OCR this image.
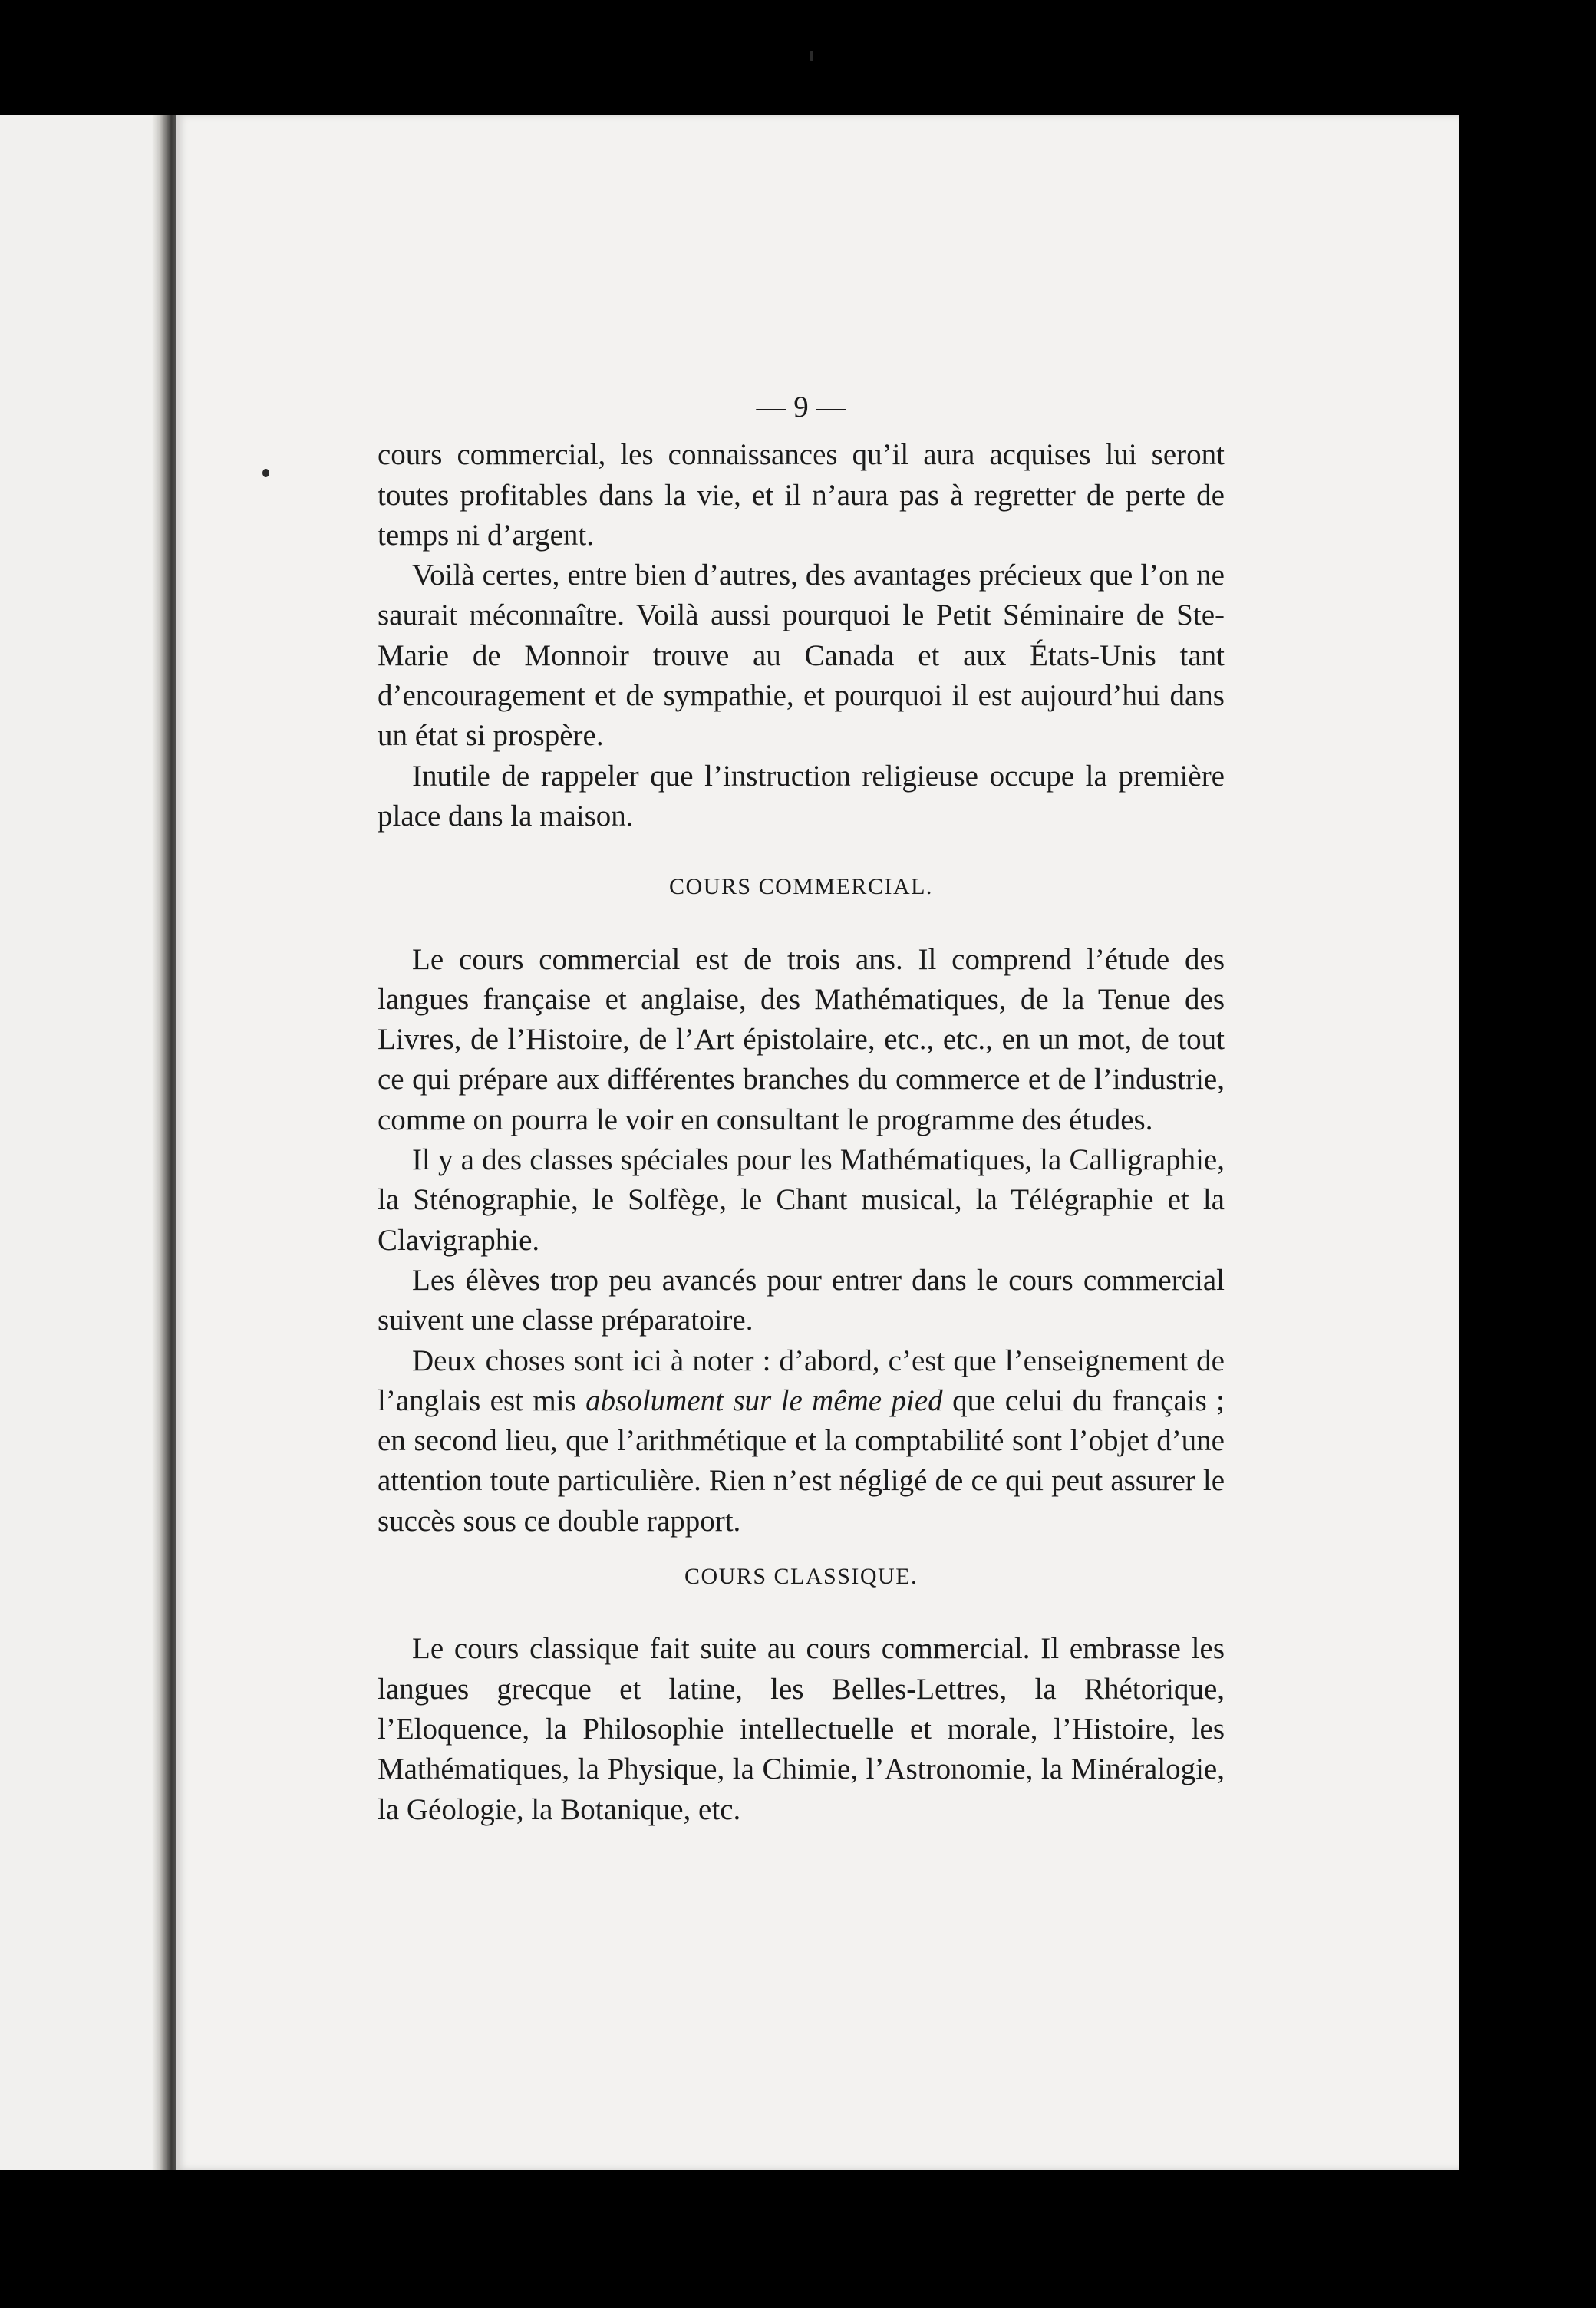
— 9 —

cours commercial, les connaissances qu’il aura acquises lui seront toutes profitables dans la vie, et il n’aura pas à regretter de perte de temps ni d’argent.

Voilà certes, entre bien d’autres, des avantages précieux que l’on ne saurait méconnaître. Voilà aussi pourquoi le Petit Séminaire de Ste-Marie de Monnoir trouve au Canada et aux États-Unis tant d’encouragement et de sympathie, et pourquoi il est aujourd’hui dans un état si prospère.

Inutile de rappeler que l’instruction religieuse occupe la première place dans la maison.

COURS COMMERCIAL.

Le cours commercial est de trois ans. Il comprend l’étude des langues française et anglaise, des Mathématiques, de la Tenue des Livres, de l’Histoire, de l’Art épistolaire, etc., etc., en un mot, de tout ce qui prépare aux différentes branches du commerce et de l’industrie, comme on pourra le voir en consultant le programme des études.

Il y a des classes spéciales pour les Mathématiques, la Calligraphie, la Sténographie, le Solfège, le Chant musical, la Télégraphie et la Clavigraphie.

Les élèves trop peu avancés pour entrer dans le cours commercial suivent une classe préparatoire.

Deux choses sont ici à noter : d’abord, c’est que l’enseignement de l’anglais est mis absolument sur le même pied que celui du français ; en second lieu, que l’arithmétique et la comptabilité sont l’objet d’une attention toute particulière. Rien n’est négligé de ce qui peut assurer le succès sous ce double rapport.

COURS CLASSIQUE.

Le cours classique fait suite au cours commercial. Il embrasse les langues grecque et latine, les Belles-Lettres, la Rhétorique, l’Eloquence, la Philosophie intellectuelle et morale, l’Histoire, les Mathématiques, la Physique, la Chimie, l’Astronomie, la Minéralogie, la Géologie, la Botanique, etc.
